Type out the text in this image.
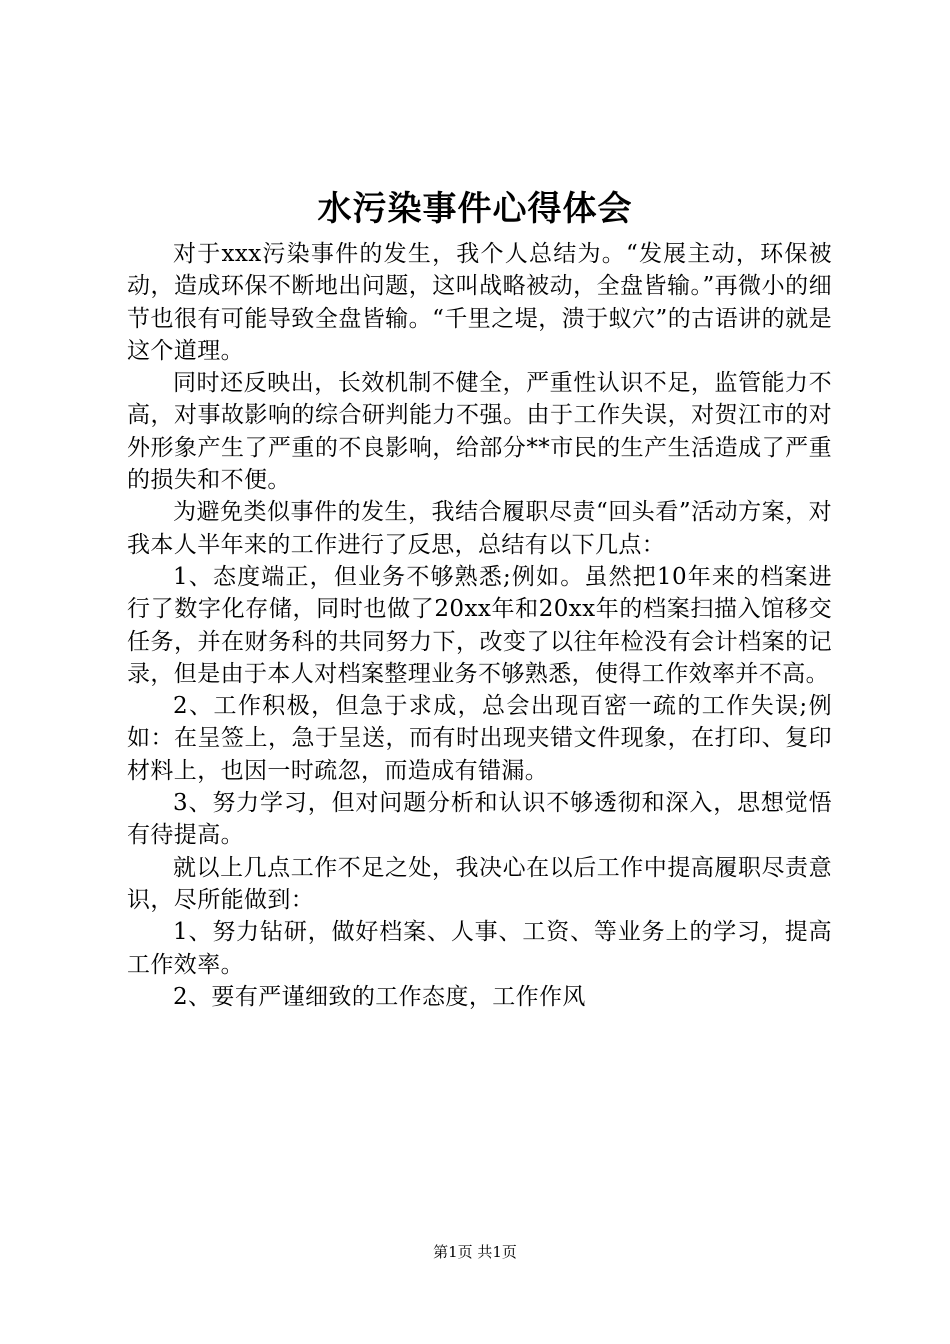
水污染事件心得体会

对于xxx污染事件的发生，我个人总结为。“发展主动，环保被动，造成环保不断地出问题，这叫战略被动，全盘皆输。”再微小的细节也很有可能导致全盘皆输。“千里之堤，溃于蚁穴”的古语讲的就是这个道理。

同时还反映出，长效机制不健全，严重性认识不足，监管能力不高，对事故影响的综合研判能力不强。由于工作失误，对贺江市的对外形象产生了严重的不良影响，给部分**市民的生产生活造成了严重的损失和不便。

为避免类似事件的发生，我结合履职尽责“回头看”活动方案，对我本人半年来的工作进行了反思，总结有以下几点：

1、态度端正，但业务不够熟悉;例如。虽然把10年来的档案进行了数字化存储，同时也做了20xx年和20xx年的档案扫描入馆移交任务，并在财务科的共同努力下，改变了以往年检没有会计档案的记录，但是由于本人对档案整理业务不够熟悉，使得工作效率并不高。

2、工作积极，但急于求成，总会出现百密一疏的工作失误;例如：在呈签上，急于呈送，而有时出现夹错文件现象，在打印、复印材料上，也因一时疏忽，而造成有错漏。

3、努力学习，但对问题分析和认识不够透彻和深入，思想觉悟有待提高。

就以上几点工作不足之处，我决心在以后工作中提高履职尽责意识，尽所能做到：

1、努力钻研，做好档案、人事、工资、等业务上的学习，提高工作效率。

2、要有严谨细致的工作态度，工作作风

第1页 共1页
